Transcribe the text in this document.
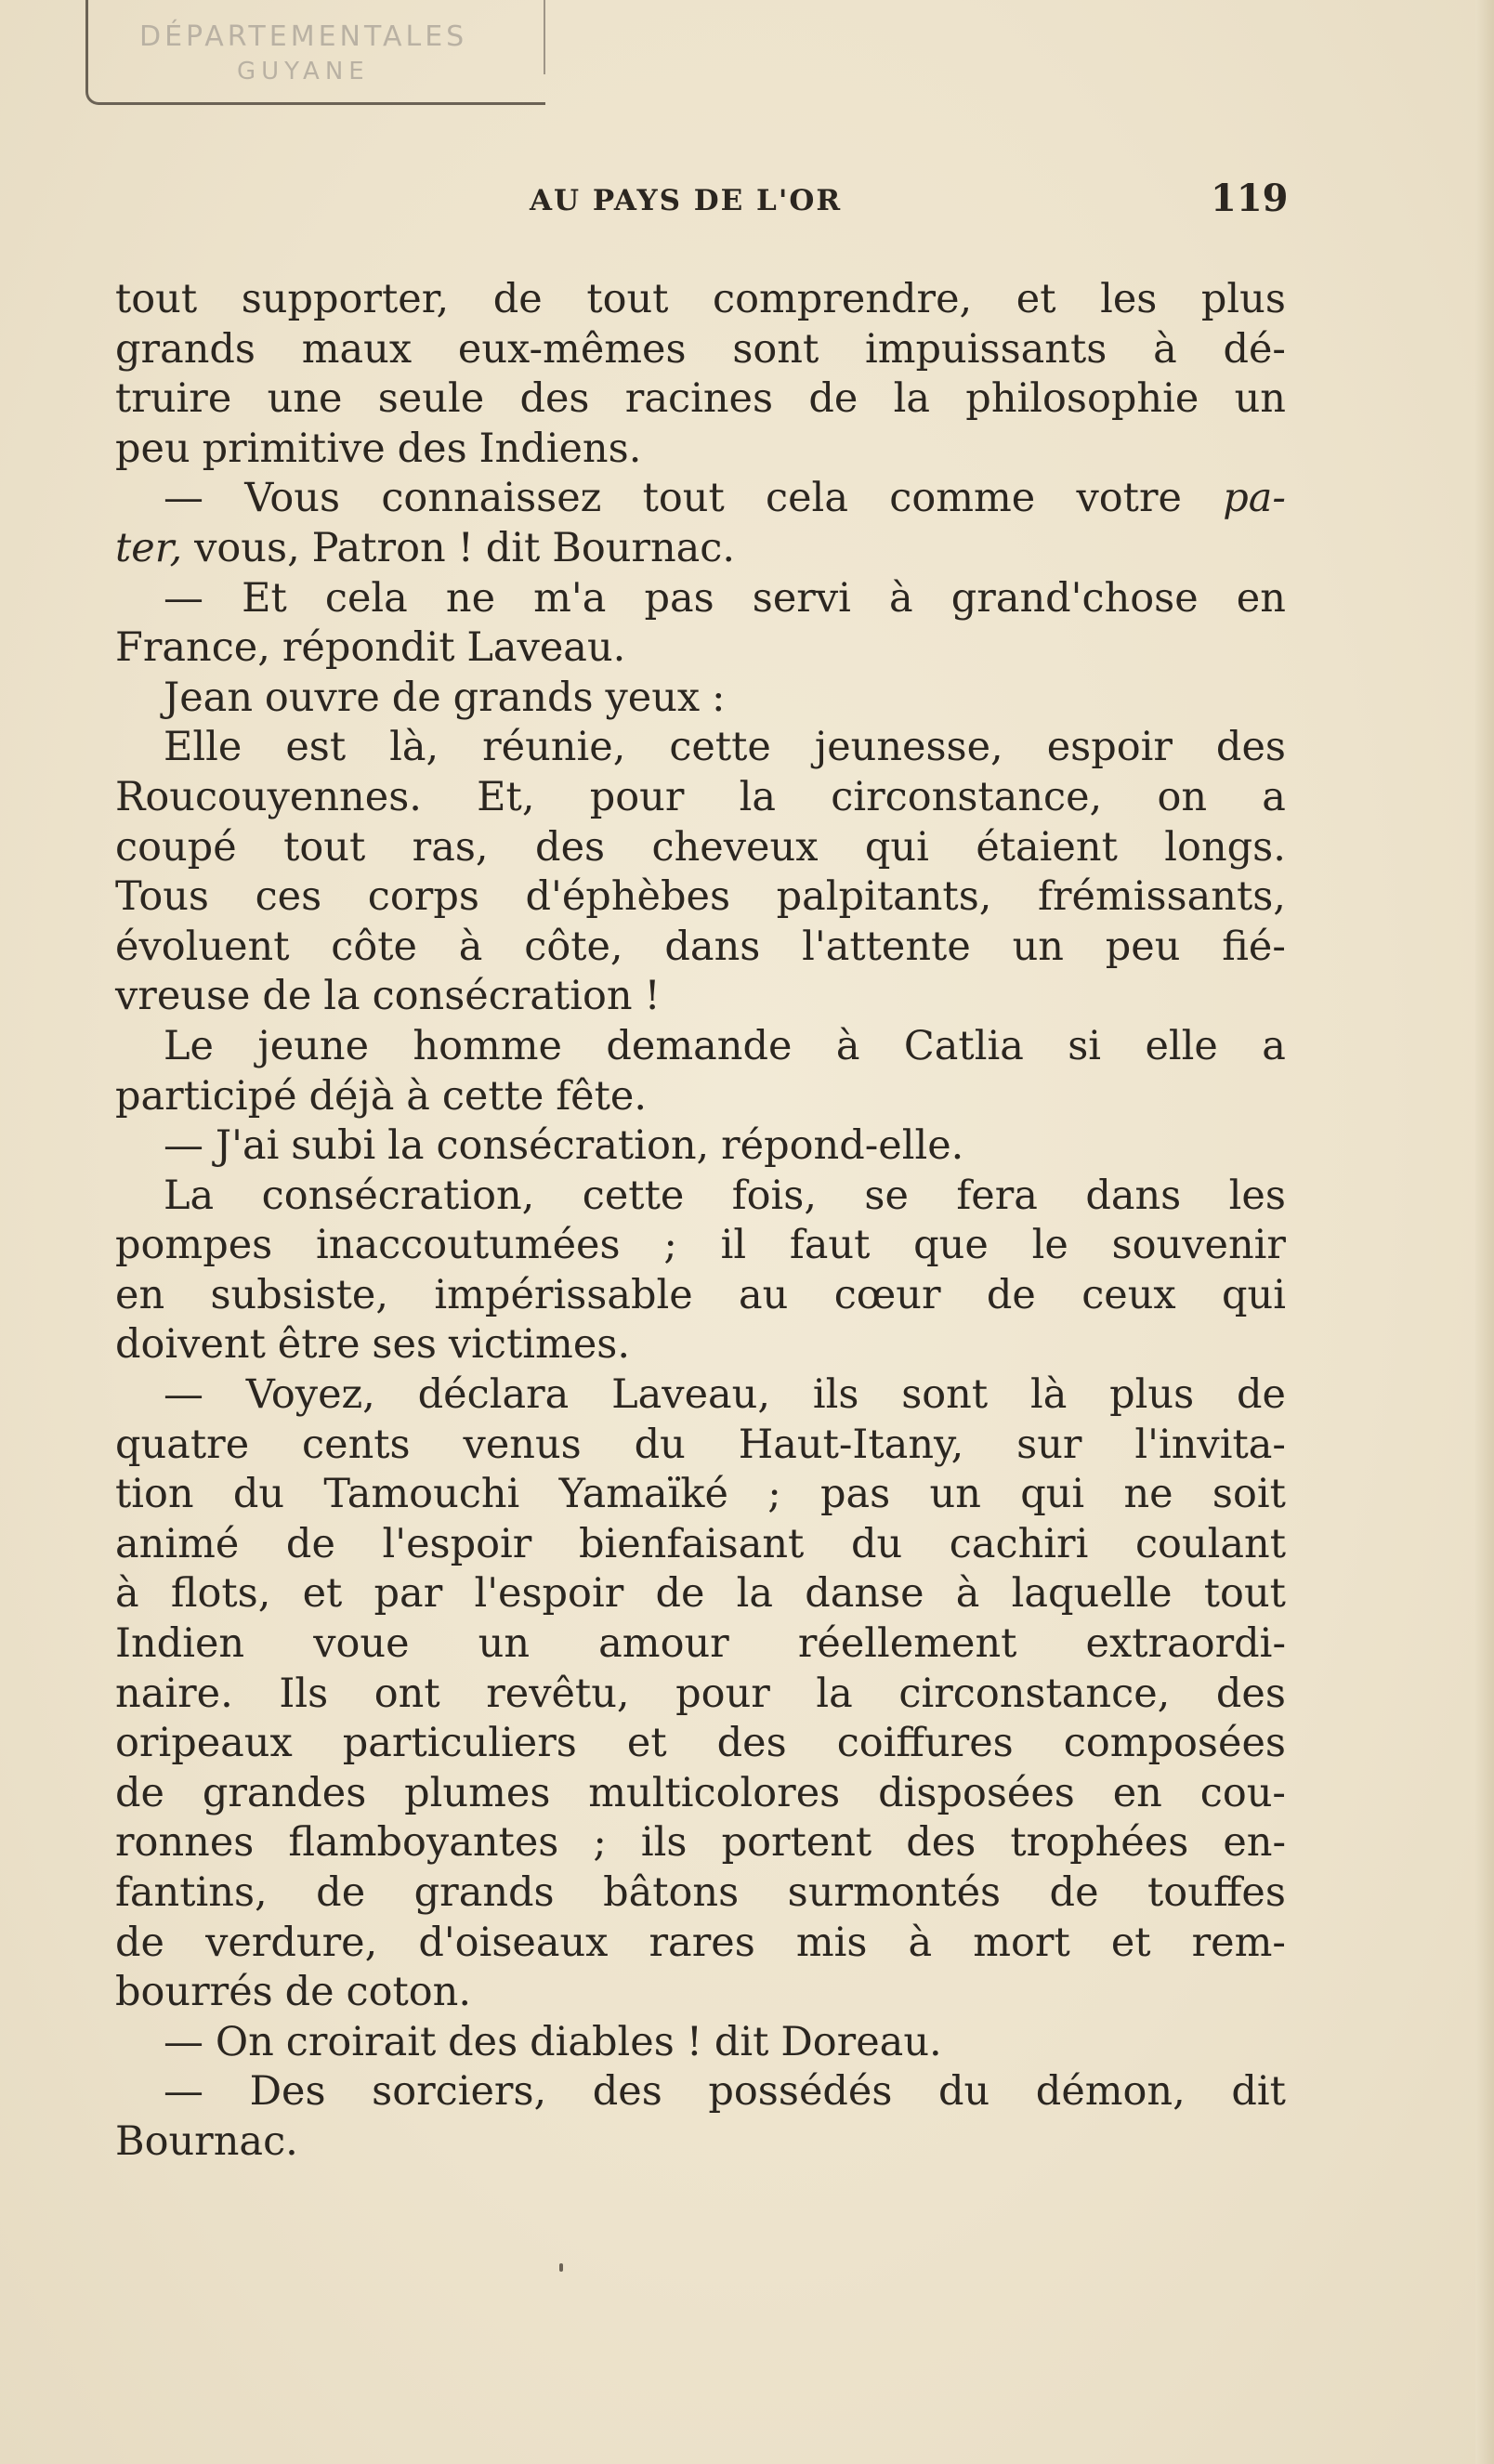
DÉPARTEMENTALES
GUYANE
AU PAYS DE L'OR	119
tout supporter, de tout comprendre, et les plus
grands maux eux-mêmes sont impuissants à dé-
truire une seule des racines de la philosophie un
peu primitive des Indiens.
— Vous connaissez tout cela comme votre pa-
ter, vous, Patron ! dit Bournac.
— Et cela ne m'a pas servi à grand'chose en
France, répondit Laveau.
Jean ouvre de grands yeux :
Elle est là, réunie, cette jeunesse, espoir des
Roucouyennes. Et, pour la circonstance, on a
coupé tout ras, des cheveux qui étaient longs.
Tous ces corps d'éphèbes palpitants, frémissants,
évoluent côte à côte, dans l'attente un peu fié-
vreuse de la consécration !
Le jeune homme demande à Catlia si elle a
participé déjà à cette fête.
— J'ai subi la consécration, répond-elle.
La consécration, cette fois, se fera dans les
pompes inaccoutumées ; il faut que le souvenir
en subsiste, impérissable au cœur de ceux qui
doivent être ses victimes.
— Voyez, déclara Laveau, ils sont là plus de
quatre cents venus du Haut-Itany, sur l'invita-
tion du Tamouchi Yamaïké ; pas un qui ne soit
animé de l'espoir bienfaisant du cachiri coulant
à flots, et par l'espoir de la danse à laquelle tout
Indien voue un amour réellement extraordi-
naire. Ils ont revêtu, pour la circonstance, des
oripeaux particuliers et des coiffures composées
de grandes plumes multicolores disposées en cou-
ronnes flamboyantes ; ils portent des trophées en-
fantins, de grands bâtons surmontés de touffes
de verdure, d'oiseaux rares mis à mort et rem-
bourrés de coton.
— On croirait des diables ! dit Doreau.
— Des sorciers, des possédés du démon, dit
Bournac.
